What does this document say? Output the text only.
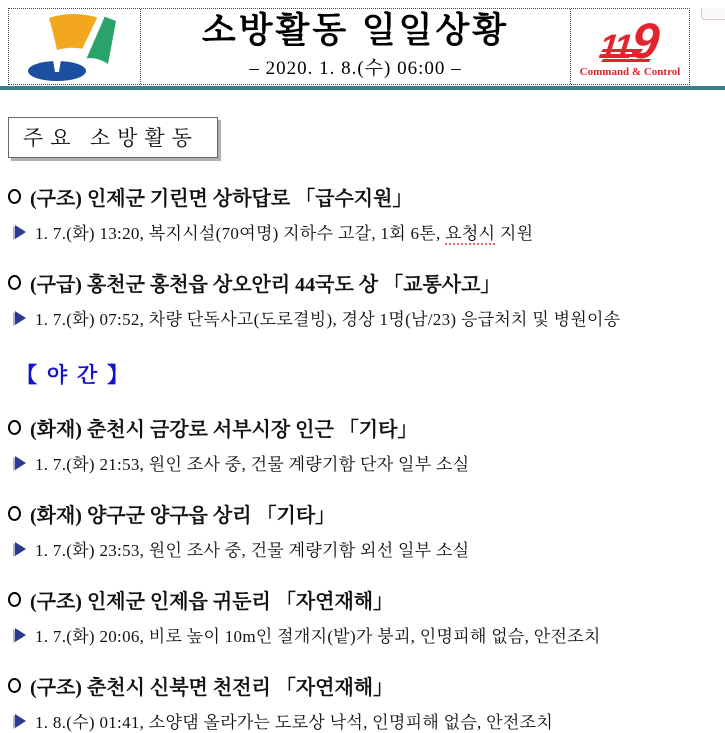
소방활동 일일상황
– 2020. 1. 8.(수) 06:00 –
119
Command & Control
주요 소방활동
(구조) 인제군 기린면 상하답로 「급수지원」
1. 7.(화) 13:20, 복지시설(70여명) 지하수 고갈, 1회 6톤, 요청시 지원
(구급) 홍천군 홍천읍 상오안리 44국도 상 「교통사고」
1. 7.(화) 07:52, 차량 단독사고(도로결빙), 경상 1명(남/23) 응급처치 및 병원이송
【 야 간 】
(화재) 춘천시 금강로 서부시장 인근 「기타」
1. 7.(화) 21:53, 원인 조사 중, 건물 계량기함 단자 일부 소실
(화재) 양구군 양구읍 상리 「기타」
1. 7.(화) 23:53, 원인 조사 중, 건물 계량기함 외선 일부 소실
(구조) 인제군 인제읍 귀둔리 「자연재해」
1. 7.(화) 20:06, 비로 높이 10m인 절개지(밭)가 붕괴, 인명피해 없슴, 안전조치
(구조) 춘천시 신북면 천전리 「자연재해」
1. 8.(수) 01:41, 소양댐 올라가는 도로상 낙석, 인명피해 없슴, 안전조치
